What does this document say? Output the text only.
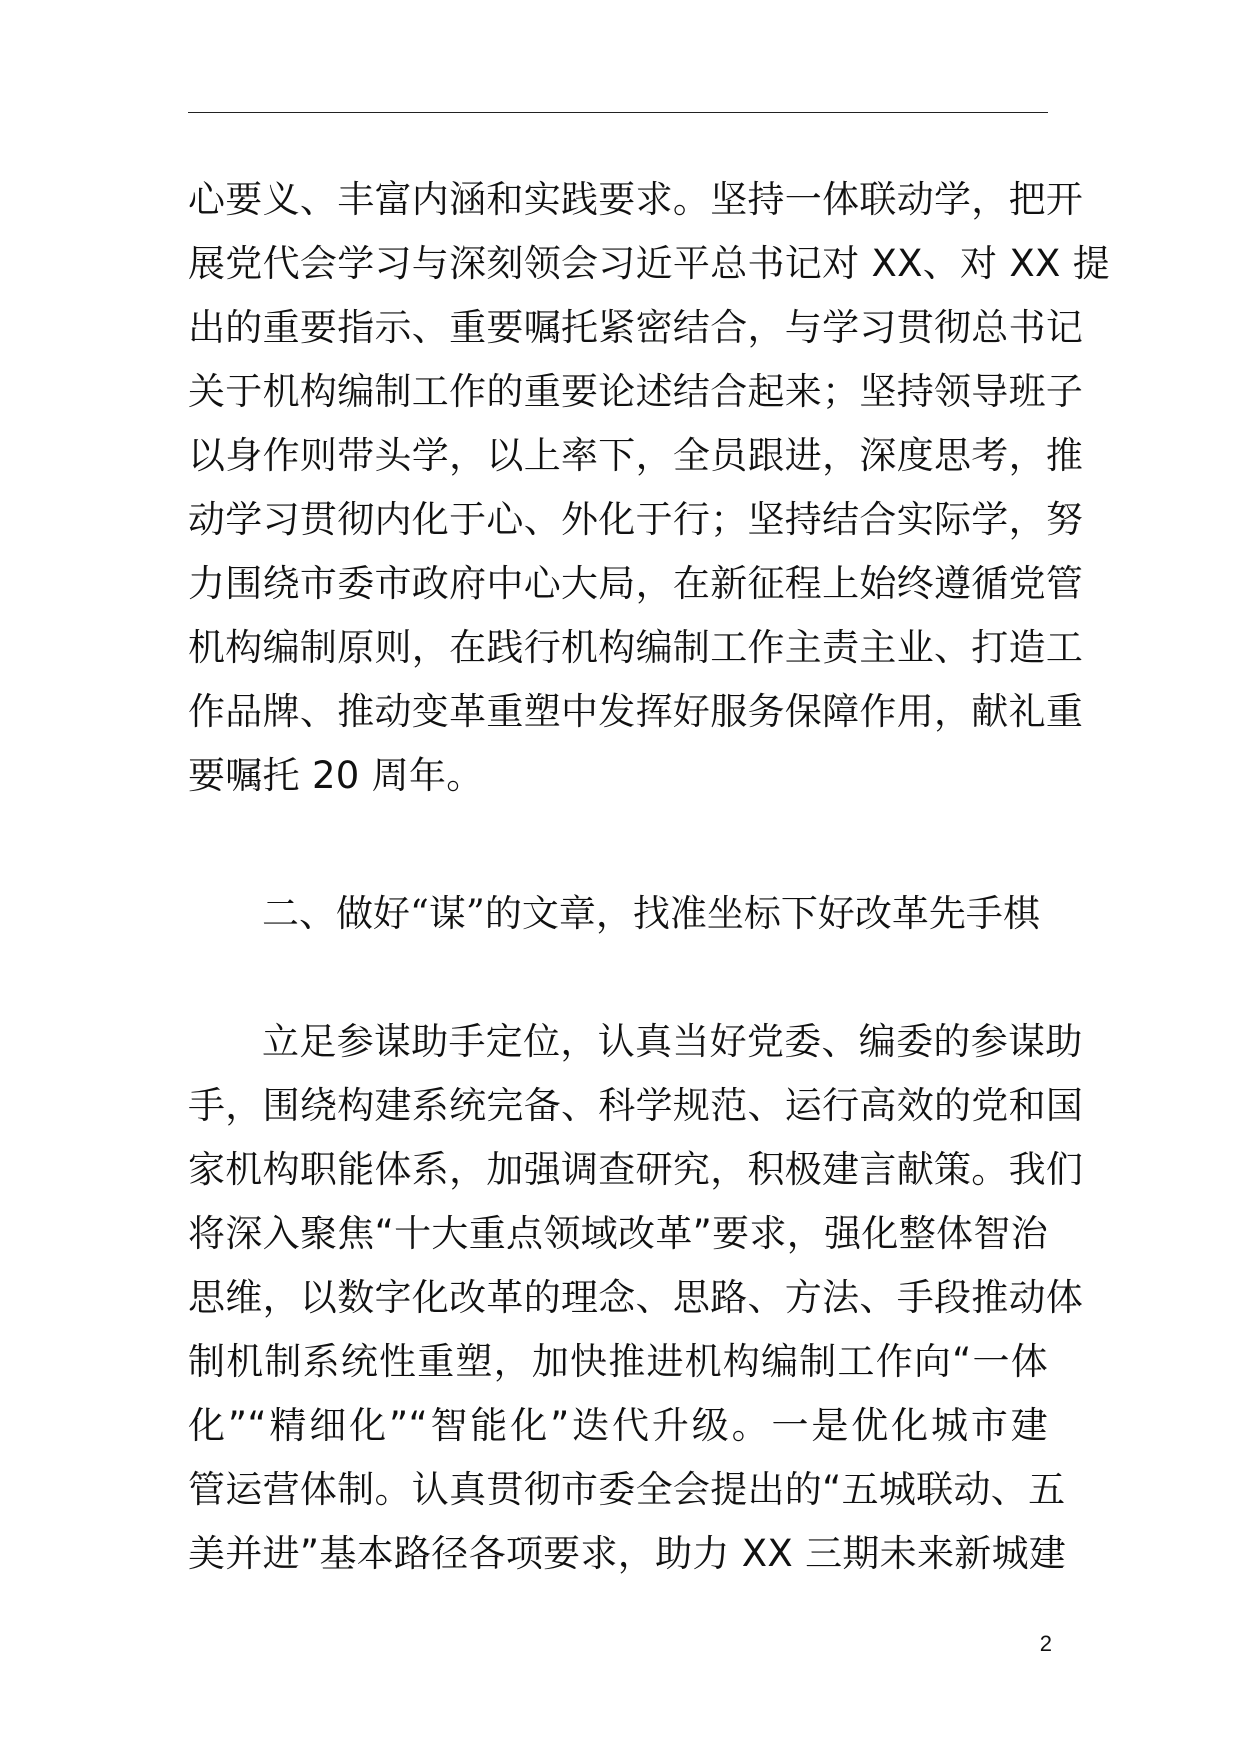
心要义、丰富内涵和实践要求。坚持一体联动学，把开
展党代会学习与深刻领会习近平总书记对 XX、对 XX 提
出的重要指示、重要嘱托紧密结合，与学习贯彻总书记
关于机构编制工作的重要论述结合起来；坚持领导班子
以身作则带头学，以上率下，全员跟进，深度思考，推
动学习贯彻内化于心、外化于行；坚持结合实际学，努
力围绕市委市政府中心大局，在新征程上始终遵循党管
机构编制原则，在践行机构编制工作主责主业、打造工
作品牌、推动变革重塑中发挥好服务保障作用，献礼重
要嘱托 20 周年。
二、做好“谋”的文章，找准坐标下好改革先手棋
立足参谋助手定位，认真当好党委、编委的参谋助
手，围绕构建系统完备、科学规范、运行高效的党和国
家机构职能体系，加强调查研究，积极建言献策。我们
将深入聚焦“十大重点领域改革”要求，强化整体智治
思维，以数字化改革的理念、思路、方法、手段推动体
制机制系统性重塑，加快推进机构编制工作向“一体
化”“精细化”“智能化”迭代升级。一是优化城市建
管运营体制。认真贯彻市委全会提出的“五城联动、五
美并进”基本路径各项要求，助力 XX 三期未来新城建
2
